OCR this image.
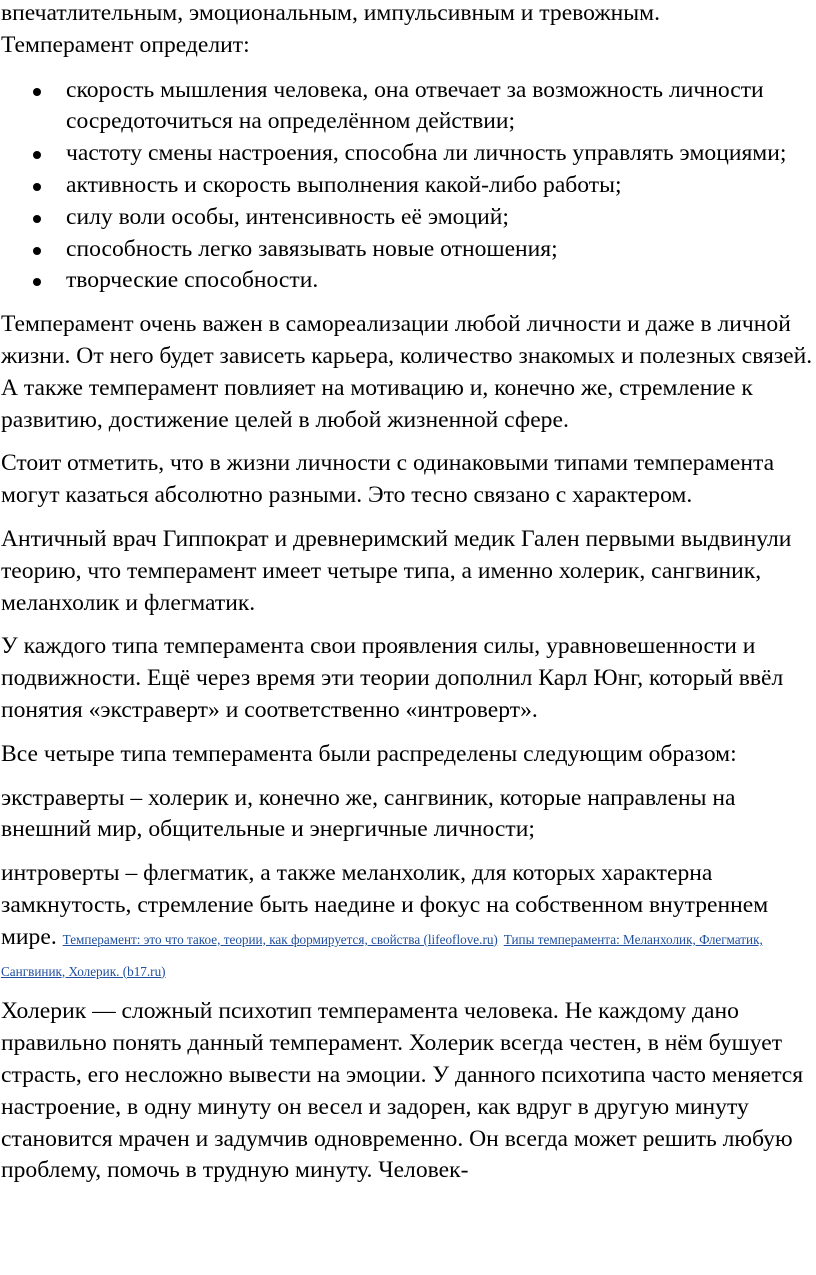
впечатлительным, эмоциональным, импульсивным и тревожным.

Темперамент определит:

скорость мышления человека, она отвечает за возможность личности сосредоточиться на определённом действии;
частоту смены настроения, способна ли личность управлять эмоциями;
активность и скорость выполнения какой-либо работы;
силу воли особы, интенсивность её эмоций;
способность легко завязывать новые отношения;
творческие способности.

Темперамент очень важен в самореализации любой личности и даже в личной жизни. От него будет зависеть карьера, количество знакомых и полезных связей. А также темперамент повлияет на мотивацию и, конечно же, стремление к развитию, достижение целей в любой жизненной сфере.

Стоит отметить, что в жизни личности с одинаковыми типами темперамента могут казаться абсолютно разными. Это тесно связано с характером.

Античный врач Гиппократ и древнеримский медик Гален первыми выдвинули теорию, что темперамент имеет четыре типа, а именно холерик, сангвиник, меланхолик и флегматик.

У каждого типа темперамента свои проявления силы, уравновешенности и подвижности. Ещё через время эти теории дополнил Карл Юнг, который ввёл понятия «экстраверт» и соответственно «интроверт».

Все четыре типа темперамента были распределены следующим образом:

экстраверты – холерик и, конечно же, сангвиник, которые направлены на внешний мир, общительные и энергичные личности;

интроверты – флегматик, а также меланхолик, для которых характерна замкнутость, стремление быть наедине и фокус на собственном внутреннем мире. Темперамент: это что такое, теории, как формируется, свойства (lifeoflove.ru) Типы темперамента: Меланхолик, Флегматик, Сангвиник, Холерик. (b17.ru)

Холерик — сложный психотип темперамента человека. Не каждому дано правильно понять данный темперамент. Холерик всегда честен, в нём бушует страсть, его несложно вывести на эмоции. У данного психотипа часто меняется настроение, в одну минуту он весел и задорен, как вдруг в другую минуту становится мрачен и задумчив одновременно. Он всегда может решить любую проблему, помочь в трудную минуту. Человек-
